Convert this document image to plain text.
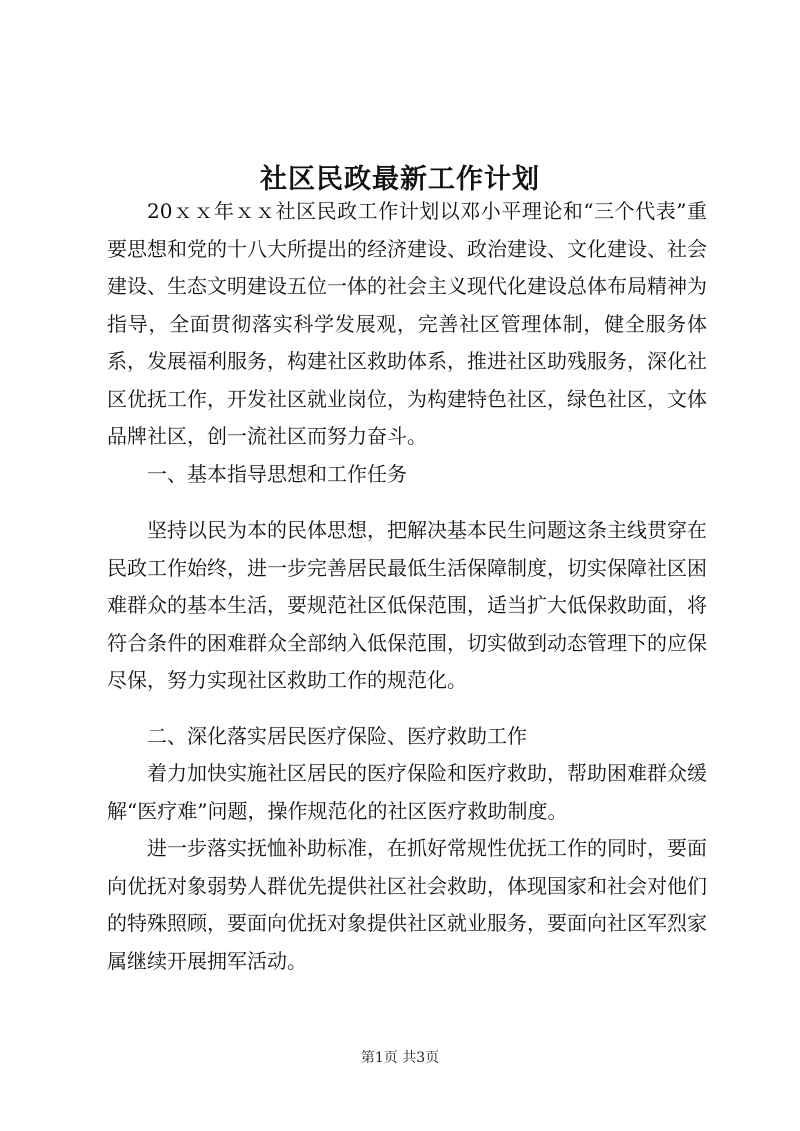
社区民政最新工作计划

20ｘｘ年ｘｘ社区民政工作计划以邓小平理论和“三个代表”重要思想和党的十八大所提出的经济建设、政治建设、文化建设、社会建设、生态文明建设五位一体的社会主义现代化建设总体布局精神为指导，全面贯彻落实科学发展观，完善社区管理体制，健全服务体系，发展福利服务，构建社区救助体系，推进社区助残服务，深化社区优抚工作，开发社区就业岗位，为构建特色社区，绿色社区，文体品牌社区，创一流社区而努力奋斗。

一、基本指导思想和工作任务

坚持以民为本的民体思想，把解决基本民生问题这条主线贯穿在民政工作始终，进一步完善居民最低生活保障制度，切实保障社区困难群众的基本生活，要规范社区低保范围，适当扩大低保救助面，将符合条件的困难群众全部纳入低保范围，切实做到动态管理下的应保尽保，努力实现社区救助工作的规范化。

二、深化落实居民医疗保险、医疗救助工作

着力加快实施社区居民的医疗保险和医疗救助，帮助困难群众缓解“医疗难”问题，操作规范化的社区医疗救助制度。

进一步落实抚恤补助标准，在抓好常规性优抚工作的同时，要面向优抚对象弱势人群优先提供社区社会救助，体现国家和社会对他们的特殊照顾，要面向优抚对象提供社区就业服务，要面向社区军烈家属继续开展拥军活动。

第1页 共3页
